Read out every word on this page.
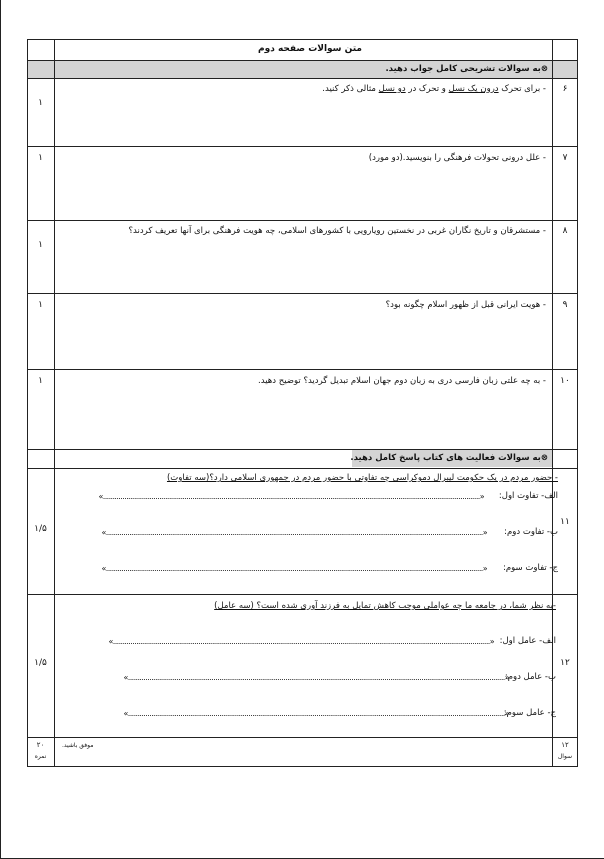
متن سوالات صفحه دوم
⊗به سوالات تشریحی کامل جواب دهید.
۶
- برای تحرک درون یک نسل و تحرک در دو نسل مثالی ذکر کنید.
۱
۷
- علل درونی تحولات فرهنگی را بنویسید.(دو مورد)
۱
۸
- مستشرقان و تاریخ نگاران غربی در نخستین رویارویی با کشورهای اسلامی، چه هویت فرهنگی برای آنها تعریف کردند؟
۱
۹
- هویت ایرانی قبل از ظهور اسلام چگونه بود؟
۱
۱۰
- به چه علتی زبان فارسی دری به زبان دوم جهان اسلام تبدیل گردید؟ توضیح دهید.
۱
⊗به سوالات فعالیت های کتاب پاسخ کامل دهید.
۱۱
- حضور مردم در یک حکومت لیبرال دموکراسی چه تفاوتی با حضور مردم در جمهوری اسلامی دارد؟(سه تفاوت)
۱/۵
الف- تفاوت اول:
«..................................................................................................................................................................................................»
ب- تفاوت دوم:
«..................................................................................................................................................................................................»
ج- تفاوت سوم:
«..................................................................................................................................................................................................»
۱۲
-به نظر شما، در جامعه ما چه عواملی موجب کاهش تمایل به فرزند آوری شده است؟ (سه عامل)
۱/۵
الف- عامل اول:
«..................................................................................................................................................................................................»
ب- عامل دوم:
«..................................................................................................................................................................................................»
ج- عامل سوم:
«..................................................................................................................................................................................................»
موفق باشید.
۲۰
نمره
۱۲
سوال
